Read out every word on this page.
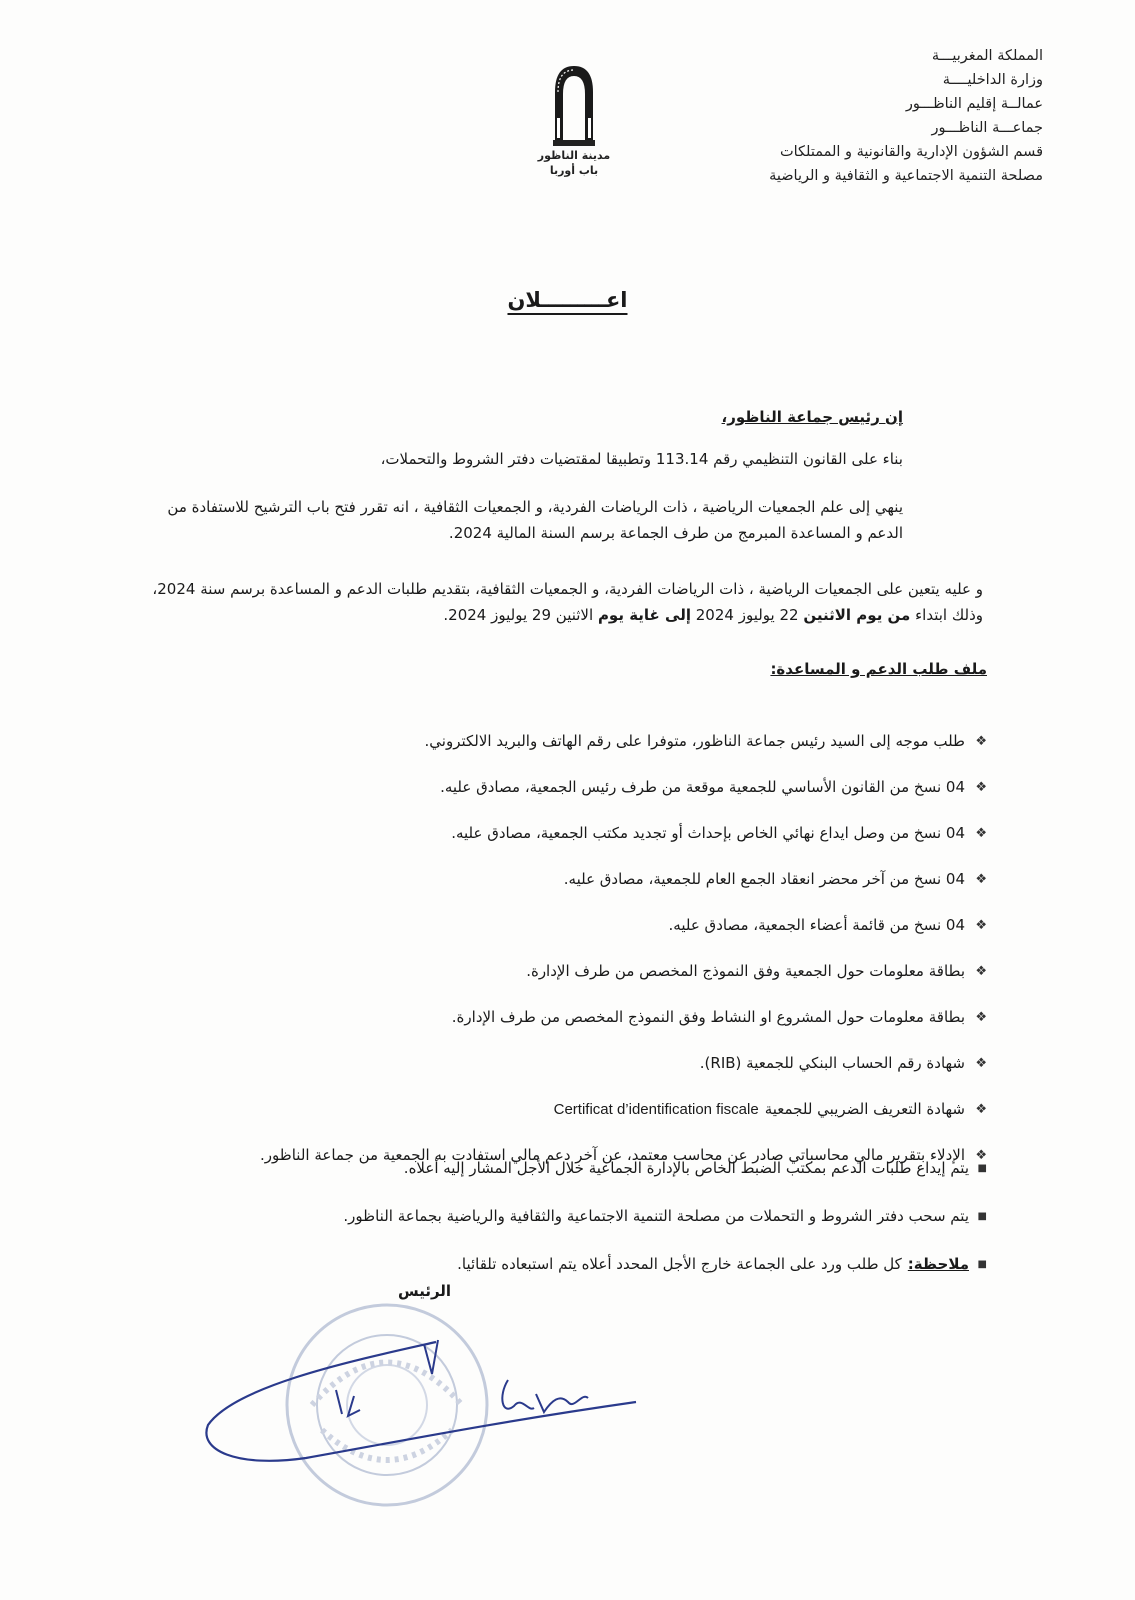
المملكة المغربيـــة
وزارة الداخليــــة
عمالــة إقليم الناظـــور
جماعـــة الناظـــور
قسم الشؤون الإدارية والقانونية و الممتلكات
مصلحة التنمية الاجتماعية و الثقافية و الرياضية
مدينة الناظور
باب أوربا
اعـــــــــلان
إن رئيس جماعة الناظور،
بناء على القانون التنظيمي رقم 113.14 وتطبيقا لمقتضيات دفتر الشروط والتحملات،
ينهي إلى علم الجمعيات الرياضية ، ذات الرياضات الفردية، و الجمعيات الثقافية ، انه تقرر فتح باب الترشيح للاستفادة من الدعم و المساعدة المبرمج من طرف الجماعة برسم السنة المالية 2024.
و عليه يتعين على الجمعيات الرياضية ، ذات الرياضات الفردية، و الجمعيات الثقافية، بتقديم طلبات الدعم و المساعدة برسم سنة 2024، وذلك ابتداء من يوم الاثنين 22 يوليوز 2024 إلى غاية يوم الاثنين 29 يوليوز 2024.
ملف طلب الدعم و المساعدة:
❖
طلب موجه إلى السيد رئيس جماعة الناظور، متوفرا على رقم الهاتف والبريد الالكتروني.
❖
04 نسخ من القانون الأساسي للجمعية موقعة من طرف رئيس الجمعية، مصادق عليه.
❖
04 نسخ من وصل ايداع نهائي الخاص بإحداث أو تجديد مكتب الجمعية، مصادق عليه.
❖
04 نسخ من آخر محضر انعقاد الجمع العام للجمعية، مصادق عليه.
❖
04 نسخ من قائمة أعضاء الجمعية، مصادق عليه.
❖
بطاقة معلومات حول الجمعية وفق النموذج المخصص من طرف الإدارة.
❖
بطاقة معلومات حول المشروع او النشاط وفق النموذج المخصص من طرف الإدارة.
❖
شهادة رقم الحساب البنكي للجمعية (RIB).
❖
شهادة التعريف الضريبي للجمعية
Certificat d’identification fiscale
❖
الإدلاء بتقرير مالي محاسباتي صادر عن محاسب معتمد، عن آخر دعم مالي استفادت به الجمعية من جماعة الناظور.
■
يتم إيداع طلبات الدعم بمكتب الضبط الخاص بالإدارة الجماعية خلال الأجل المشار إليه أعلاه.
■
يتم سحب دفتر الشروط و التحملات من مصلحة التنمية الاجتماعية والثقافية والرياضية بجماعة الناظور.
■
ملاحظة:
كل طلب ورد على الجماعة خارج الأجل المحدد أعلاه يتم استبعاده تلقائيا.
الرئيس
